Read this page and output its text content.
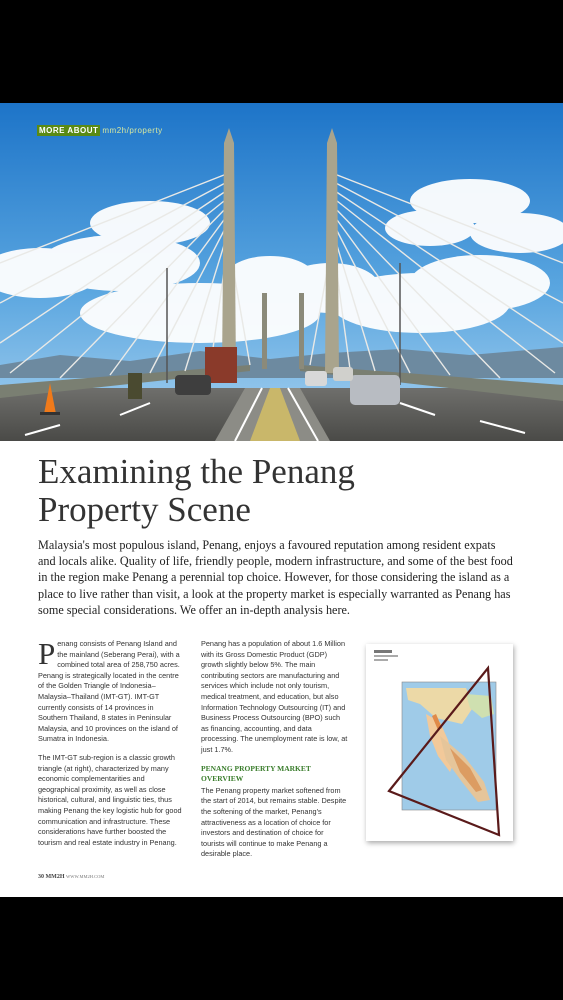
MORE ABOUT mm2h/property
Examining the Penang
Property Scene

Malaysia's most populous island, Penang, enjoys a favoured reputation among resident expats and locals alike. Quality of life, friendly people, modern infrastructure, and some of the best food in the region make Penang a perennial top choice. However, for those considering the island as a place to live rather than visit, a look at the property market is especially warranted as Penang has some special considerations. We offer an in-depth analysis here.

Penang consists of Penang Island and the mainland (Seberang Perai), with a combined total area of 258,750 acres. Penang is strategically located in the centre of the Golden Triangle of Indonesia–Malaysia–Thailand (IMT-GT). IMT-GT currently consists of 14 provinces in Southern Thailand, 8 states in Peninsular Malaysia, and 10 provinces on the island of Sumatra in Indonesia.

The IMT-GT sub-region is a classic growth triangle (at right), characterized by many economic complementarities and geographical proximity, as well as close historical, cultural, and linguistic ties, thus making Penang the key logistic hub for good communication and infrastructure. These considerations have further boosted the tourism and real estate industry in Penang.

Penang has a population of about 1.6 Million with its Gross Domestic Product (GDP) growth slightly below 5%. The main contributing sectors are manufacturing and services which include not only tourism, medical treatment, and education, but also Information Technology Outsourcing (IT) and Business Process Outsourcing (BPO) such as financing, accounting, and data processing. The unemployment rate is low, at just 1.7%.

PENANG PROPERTY MARKET OVERVIEW

The Penang property market softened from the start of 2014, but remains stable. Despite the softening of the market, Penang's attractiveness as a location of choice for investors and destination of choice for tourists will continue to make Penang a desirable place.

30 MM2H WWW.MM2H.COM
